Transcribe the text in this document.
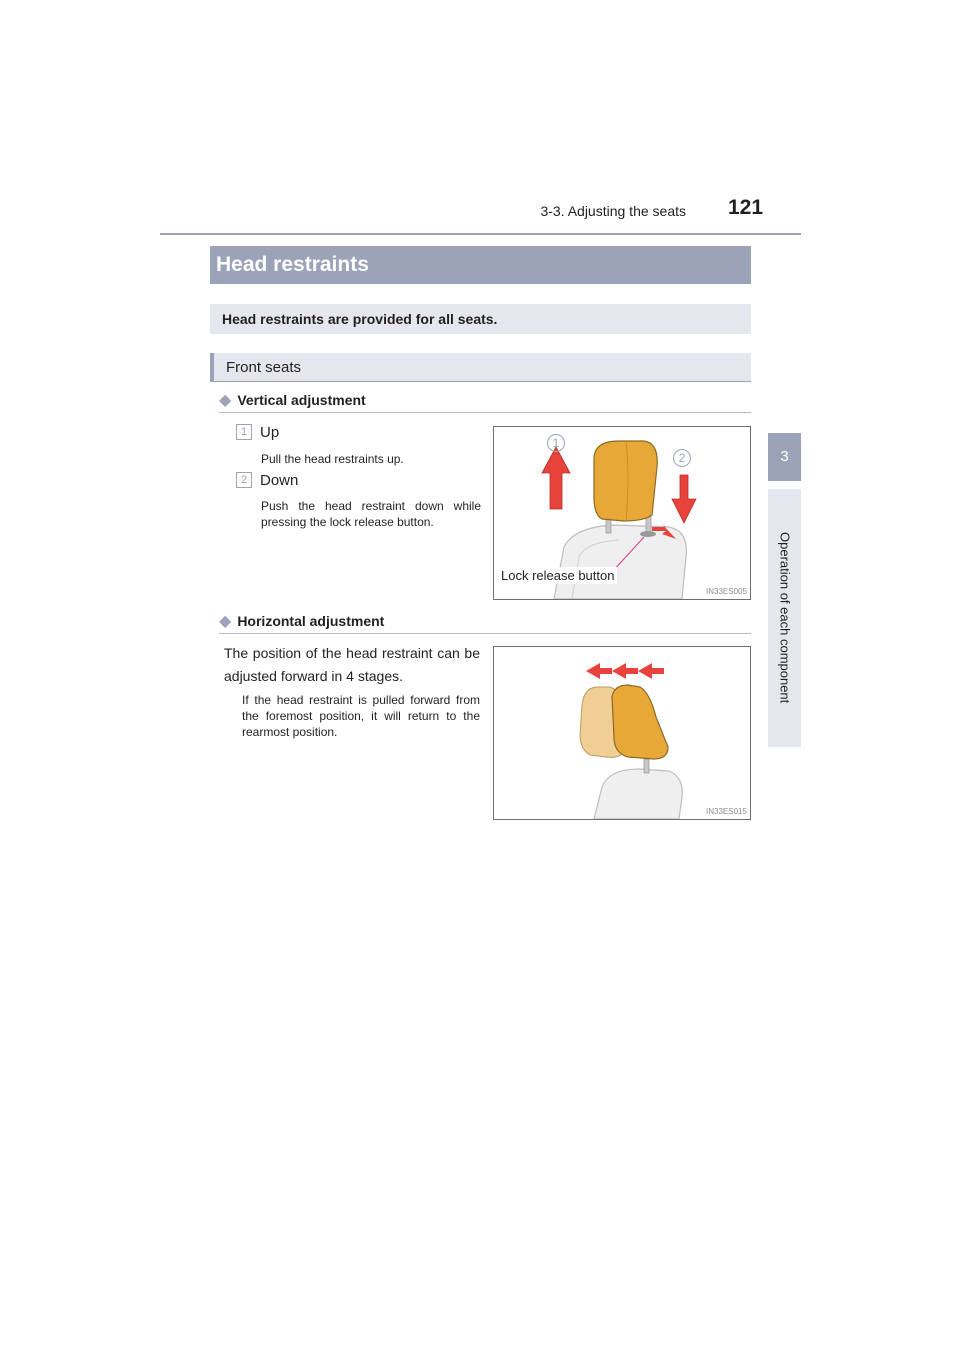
3-3. Adjusting the seats 121
3
Operation of each component
Head restraints
Head restraints are provided for all seats.
Front seats
◆ Vertical adjustment
1 Up
Pull the head restraints up.
2 Down
Push the head restraint down while pressing the lock release button.
1
2
Lock release button
IN33ES005
◆ Horizontal adjustment
The position of the head restraint can be adjusted forward in 4 stages.
If the head restraint is pulled forward from the foremost position, it will return to the rearmost position.
IN33ES015
